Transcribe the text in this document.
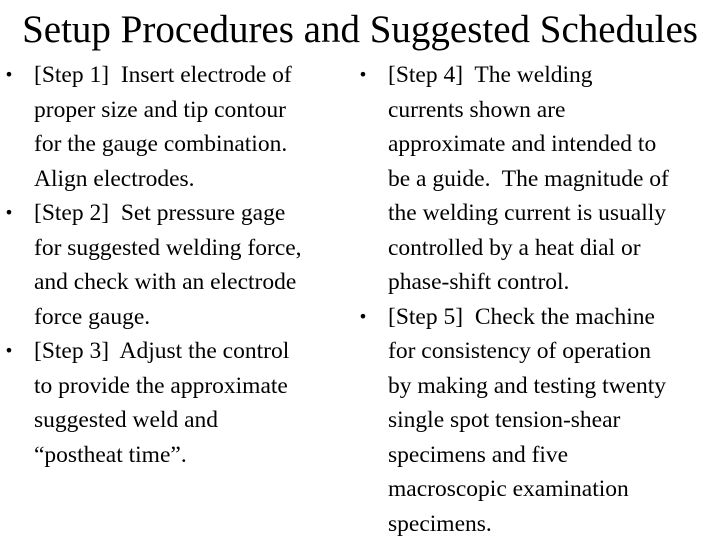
Setup Procedures and Suggested Schedules
• [Step 1] Insert electrode of
proper size and tip contour
for the gauge combination.
Align electrodes.
• [Step 2] Set pressure gage
for suggested welding force,
and check with an electrode
force gauge.
• [Step 3] Adjust the control
to provide the approximate
suggested weld and
“postheat time”.
• [Step 4] The welding
currents shown are
approximate and intended to
be a guide.  The magnitude of
the welding current is usually
controlled by a heat dial or
phase-shift control.
• [Step 5] Check the machine
for consistency of operation
by making and testing twenty
single spot tension-shear
specimens and five
macroscopic examination
specimens.
